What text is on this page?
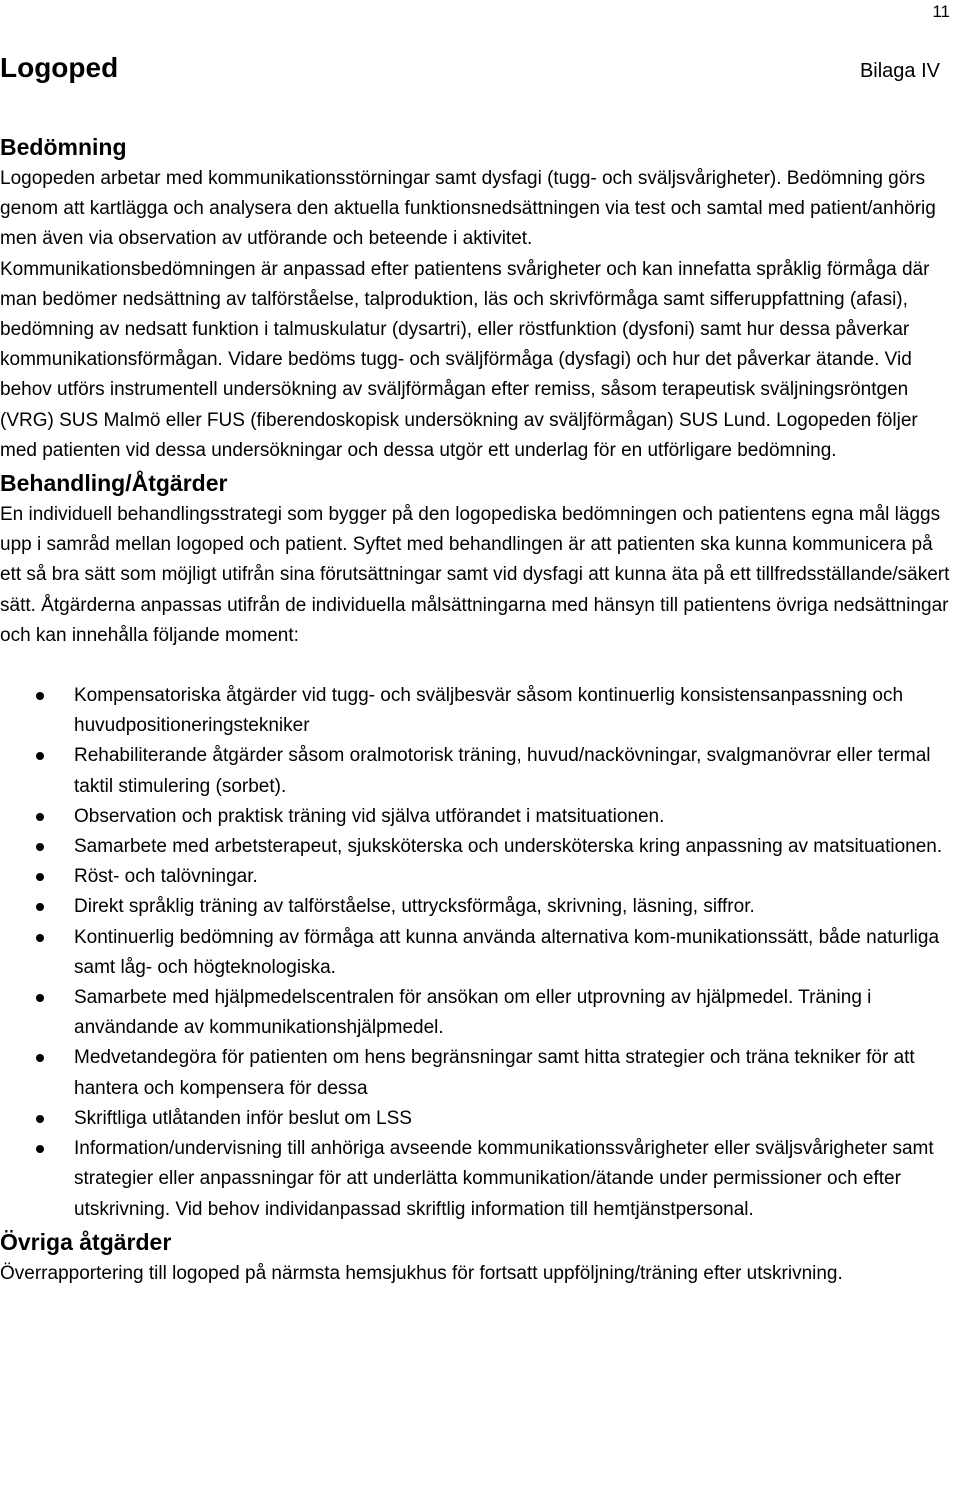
11
Logoped	Bilaga IV
Bedömning

Logopeden arbetar med kommunikationsstörningar samt dysfagi (tugg- och sväljsvårigheter). Bedömning görs genom att kartlägga och analysera den aktuella funktionsnedsättningen via test och samtal med patient/anhörig men även via observation av utförande och beteende i aktivitet.

Kommunikationsbedömningen är anpassad efter patientens svårigheter och kan innefatta språklig förmåga där man bedömer nedsättning av talförståelse, talproduktion, läs och skrivförmåga samt sifferuppfattning (afasi), bedömning av nedsatt funktion i talmuskulatur (dysartri), eller röstfunktion (dysfoni) samt hur dessa påverkar kommunikationsförmågan. Vidare bedöms tugg- och sväljförmåga (dysfagi) och hur det påverkar ätande. Vid behov utförs instrumentell undersökning av sväljförmågan efter remiss, såsom terapeutisk sväljningsröntgen (VRG) SUS Malmö eller FUS (fiberendoskopisk undersökning av sväljförmågan) SUS Lund. Logopeden följer med patienten vid dessa undersökningar och dessa utgör ett underlag för en utförligare bedömning.

Behandling/Åtgärder

En individuell behandlingsstrategi som bygger på den logopediska bedömningen och patientens egna mål läggs upp i samråd mellan logoped och patient. Syftet med behandlingen är att patienten ska kunna kommunicera på ett så bra sätt som möjligt utifrån sina förutsättningar samt vid dysfagi att kunna äta på ett tillfredsställande/säkert sätt. Åtgärderna anpassas utifrån de individuella målsättningarna med hänsyn till patientens övriga nedsättningar och kan innehålla följande moment:

Kompensatoriska åtgärder vid tugg- och sväljbesvär såsom kontinuerlig konsistensanpassning och huvudpositioneringstekniker
Rehabiliterande åtgärder såsom oralmotorisk träning, huvud/nackövningar, svalgmanövrar eller termal taktil stimulering (sorbet).
Observation och praktisk träning vid själva utförandet i matsituationen.
Samarbete med arbetsterapeut, sjuksköterska och undersköterska kring anpassning av matsituationen.
Röst- och talövningar.
Direkt språklig träning av talförståelse, uttrycksförmåga, skrivning, läsning, siffror.
Kontinuerlig bedömning av förmåga att kunna använda alternativa kom-munikationssätt, både naturliga samt låg- och högteknologiska.
Samarbete med hjälpmedelscentralen för ansökan om eller utprovning av hjälpmedel. Träning i användande av kommunikationshjälpmedel.
Medvetandegöra för patienten om hens begränsningar samt hitta strategier och träna tekniker för att hantera och kompensera för dessa
Skriftliga utlåtanden inför beslut om LSS
Information/undervisning till anhöriga avseende kommunikationssvårigheter eller sväljsvårigheter samt strategier eller anpassningar för att underlätta kommunikation/ätande under permissioner och efter utskrivning. Vid behov individanpassad skriftlig information till hemtjänstpersonal.
Övriga åtgärder

Överrapportering till logoped på närmsta hemsjukhus för fortsatt uppföljning/träning efter utskrivning.
